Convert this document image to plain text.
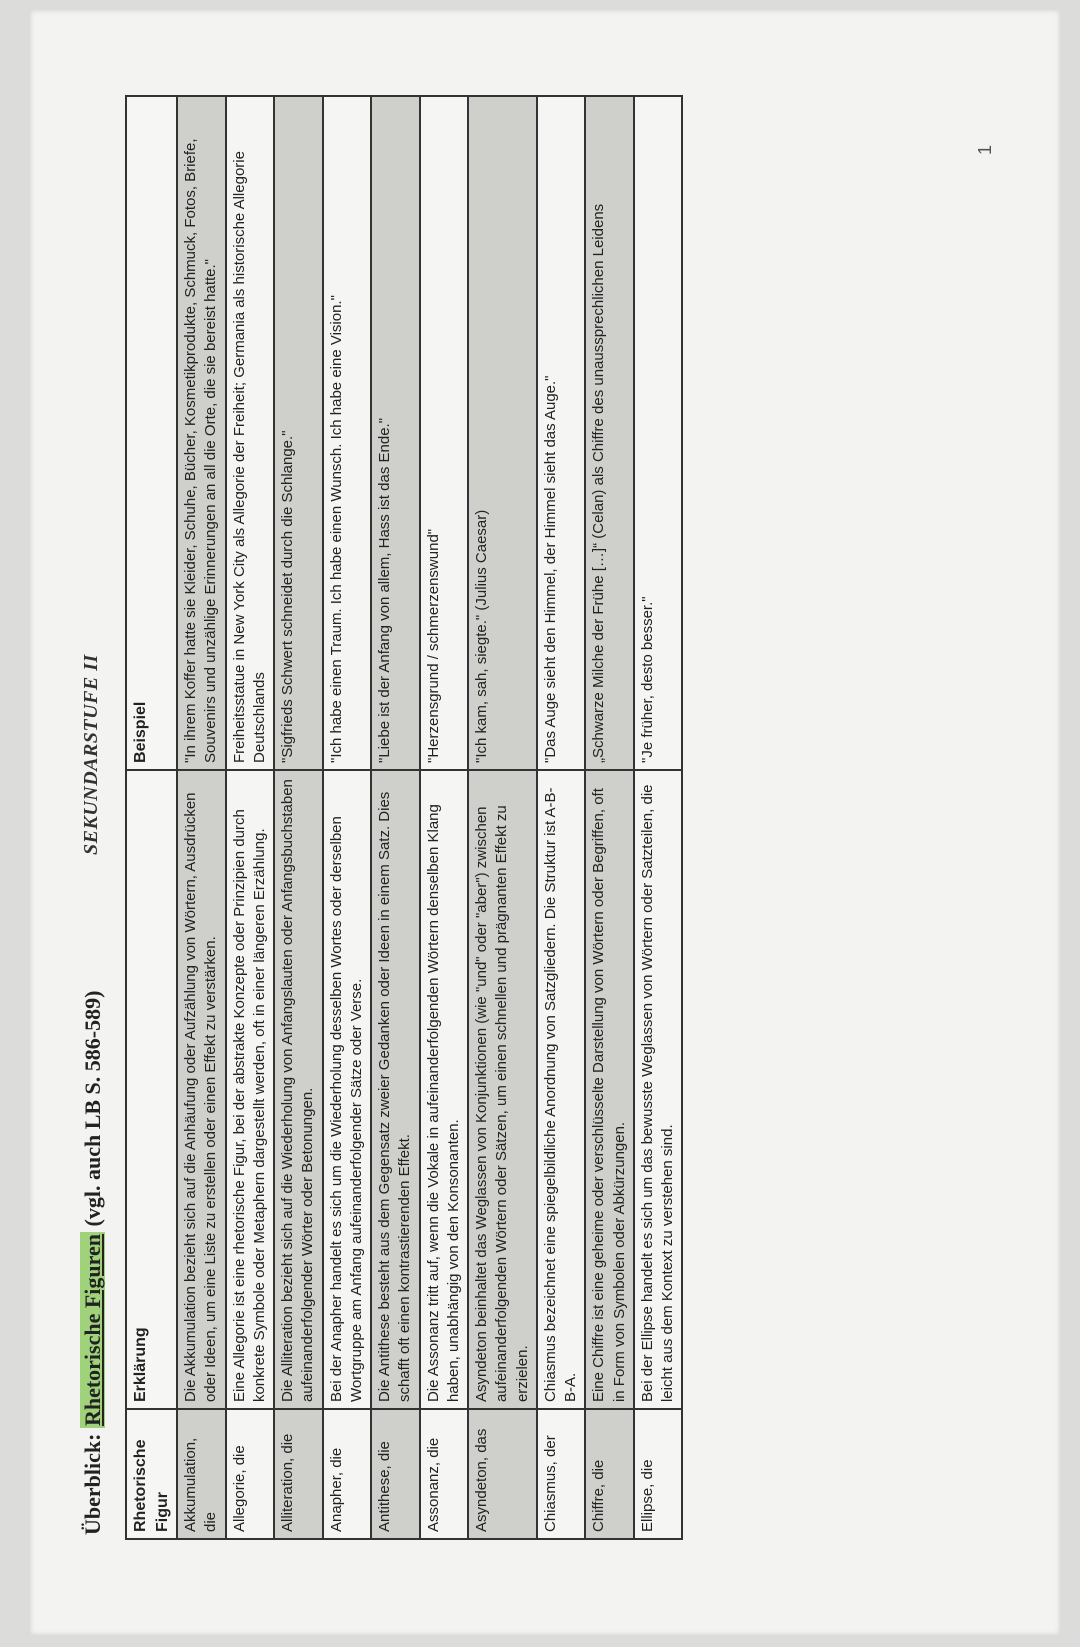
Überblick: Rhetorische Figuren (vgl. auch LB S. 586-589)
SEKUNDARSTUFE II
1
Rhetorische Figur	Erklärung	Beispiel
Akkumulation, die	Die Akkumulation bezieht sich auf die Anhäufung oder Aufzählung von Wörtern, Ausdrücken oder Ideen, um eine Liste zu erstellen oder einen Effekt zu verstärken.	"In ihrem Koffer hatte sie Kleider, Schuhe, Bücher, Kosmetikprodukte, Schmuck, Fotos, Briefe, Souvenirs und unzählige Erinnerungen an all die Orte, die sie bereist hatte."
Allegorie, die	Eine Allegorie ist eine rhetorische Figur, bei der abstrakte Konzepte oder Prinzipien durch konkrete Symbole oder Metaphern dargestellt werden, oft in einer längeren Erzählung.	Freiheitsstatue in New York City als Allegorie der Freiheit; Germania als historische Allegorie Deutschlands
Alliteration, die	Die Alliteration bezieht sich auf die Wiederholung von Anfangslauten oder Anfangsbuchstaben aufeinanderfolgender Wörter oder Betonungen.	"Sigfrieds Schwert schneidet durch die Schlange."
Anapher, die	Bei der Anapher handelt es sich um die Wiederholung desselben Wortes oder derselben Wortgruppe am Anfang aufeinanderfolgender Sätze oder Verse.	"Ich habe einen Traum. Ich habe einen Wunsch. Ich habe eine Vision."
Antithese, die	Die Antithese besteht aus dem Gegensatz zweier Gedanken oder Ideen in einem Satz. Dies schafft oft einen kontrastierenden Effekt.	"Liebe ist der Anfang von allem, Hass ist das Ende."
Assonanz, die	Die Assonanz tritt auf, wenn die Vokale in aufeinanderfolgenden Wörtern denselben Klang haben, unabhängig von den Konsonanten.	"Herzensgrund / schmerzenswund"
Asyndeton, das	Asyndeton beinhaltet das Weglassen von Konjunktionen (wie "und" oder "aber") zwischen aufeinanderfolgenden Wörtern oder Sätzen, um einen schnellen und prägnanten Effekt zu erzielen.	"Ich kam, sah, siegte." (Julius Caesar)
Chiasmus, der	Chiasmus bezeichnet eine spiegelbildliche Anordnung von Satzgliedern. Die Struktur ist A-B-B-A.	"Das Auge sieht den Himmel, der Himmel sieht das Auge."
Chiffre, die	Eine Chiffre ist eine geheime oder verschlüsselte Darstellung von Wörtern oder Begriffen, oft in Form von Symbolen oder Abkürzungen.	„Schwarze Milche der Frühe […]“ (Celan) als Chiffre des unaussprechlichen Leidens
Ellipse, die	Bei der Ellipse handelt es sich um das bewusste Weglassen von Wörtern oder Satzteilen, die leicht aus dem Kontext zu verstehen sind.	"Je früher, desto besser."
